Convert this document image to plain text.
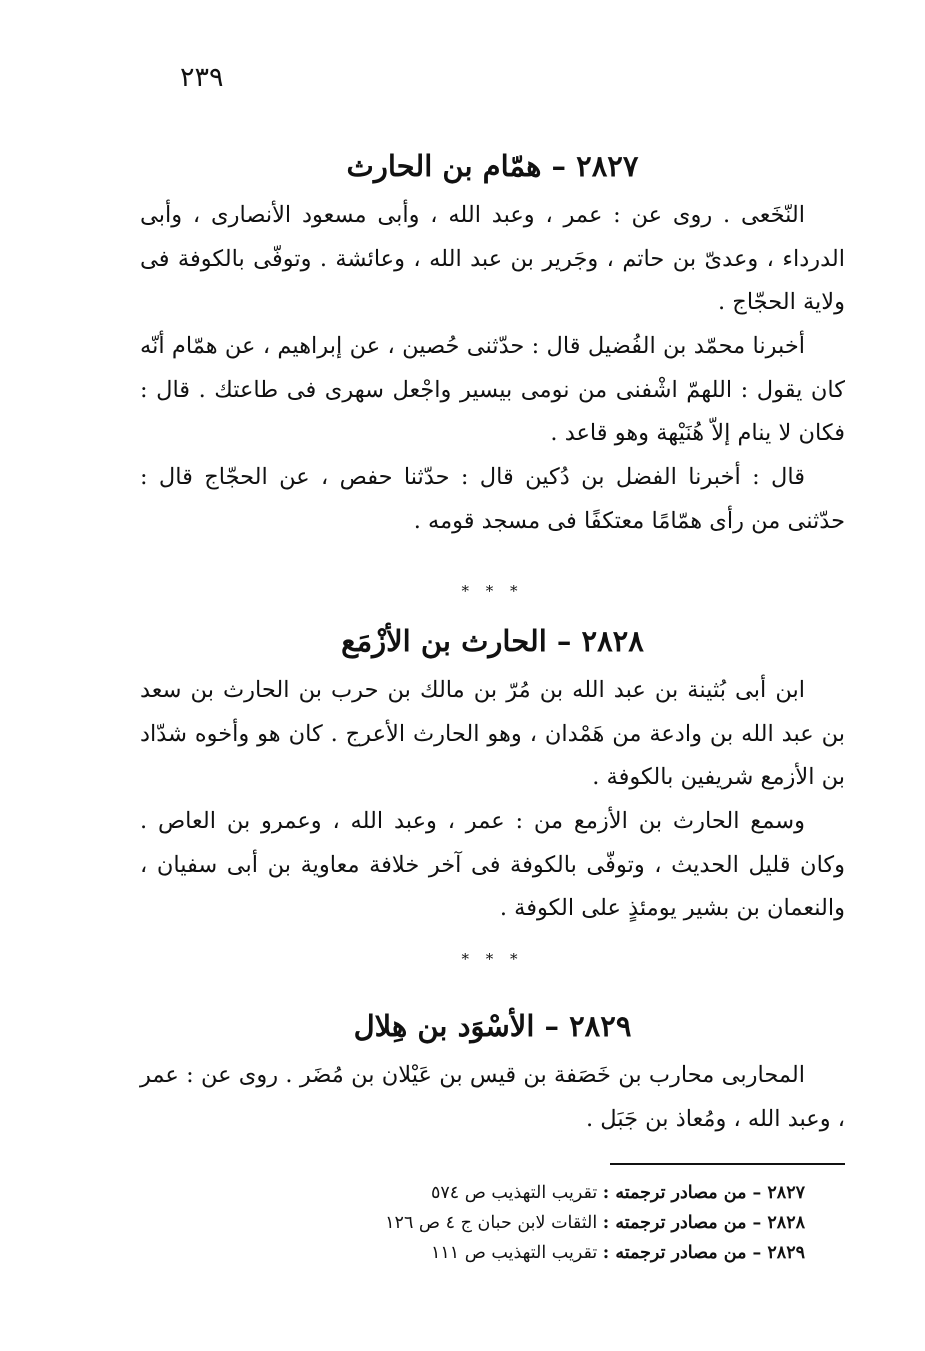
٢٣٩
٢٨٢٧ – همّام بن الحارث
النّخَعى . روى عن : عمر ، وعبد الله ، وأبى مسعود الأنصارى ، وأبى الدرداء ، وعدىّ بن حاتم ، وجَرير بن عبد الله ، وعائشة . وتوفّى بالكوفة فى ولاية الحجّاج .
أخبرنا محمّد بن الفُضيل قال : حدّثنى حُصين ، عن إبراهيم ، عن همّام أنّه كان يقول : اللهمّ اشْفنى من نومى بيسير واجْعل سهرى فى طاعتك . قال : فكان لا ينام إلاّ هُنَيْهة وهو قاعد .
قال : أخبرنا الفضل بن دُكين قال : حدّثنا حفص ، عن الحجّاج قال : حدّثنى من رأى همّامًا معتكفًا فى مسجد قومه .
* * *
٢٨٢٨ – الحارث بن الأزْمَع
ابن أبى بُثينة بن عبد الله بن مُرّ بن مالك بن حرب بن الحارث بن سعد بن عبد الله بن وادعة من هَمْدان ، وهو الحارث الأعرج . كان هو وأخوه شدّاد بن الأزمع شريفين بالكوفة .
وسمع الحارث بن الأزمع من : عمر ، وعبد الله ، وعمرو بن العاص . وكان قليل الحديث ، وتوفّى بالكوفة فى آخر خلافة معاوية بن أبى سفيان ، والنعمان بن بشير يومئذٍ على الكوفة .
* * *
٢٨٢٩ – الأسْوَد بن هِلال
المحاربى محارب بن خَصَفة بن قيس بن عَيْلان بن مُضَر . روى عن : عمر ، وعبد الله ، ومُعاذ بن جَبَل .
٢٨٢٧ – من مصادر ترجمته : تقريب التهذيب ص ٥٧٤
٢٨٢٨ – من مصادر ترجمته : الثقات لابن حبان ج ٤ ص ١٢٦
٢٨٢٩ – من مصادر ترجمته : تقريب التهذيب ص ١١١
